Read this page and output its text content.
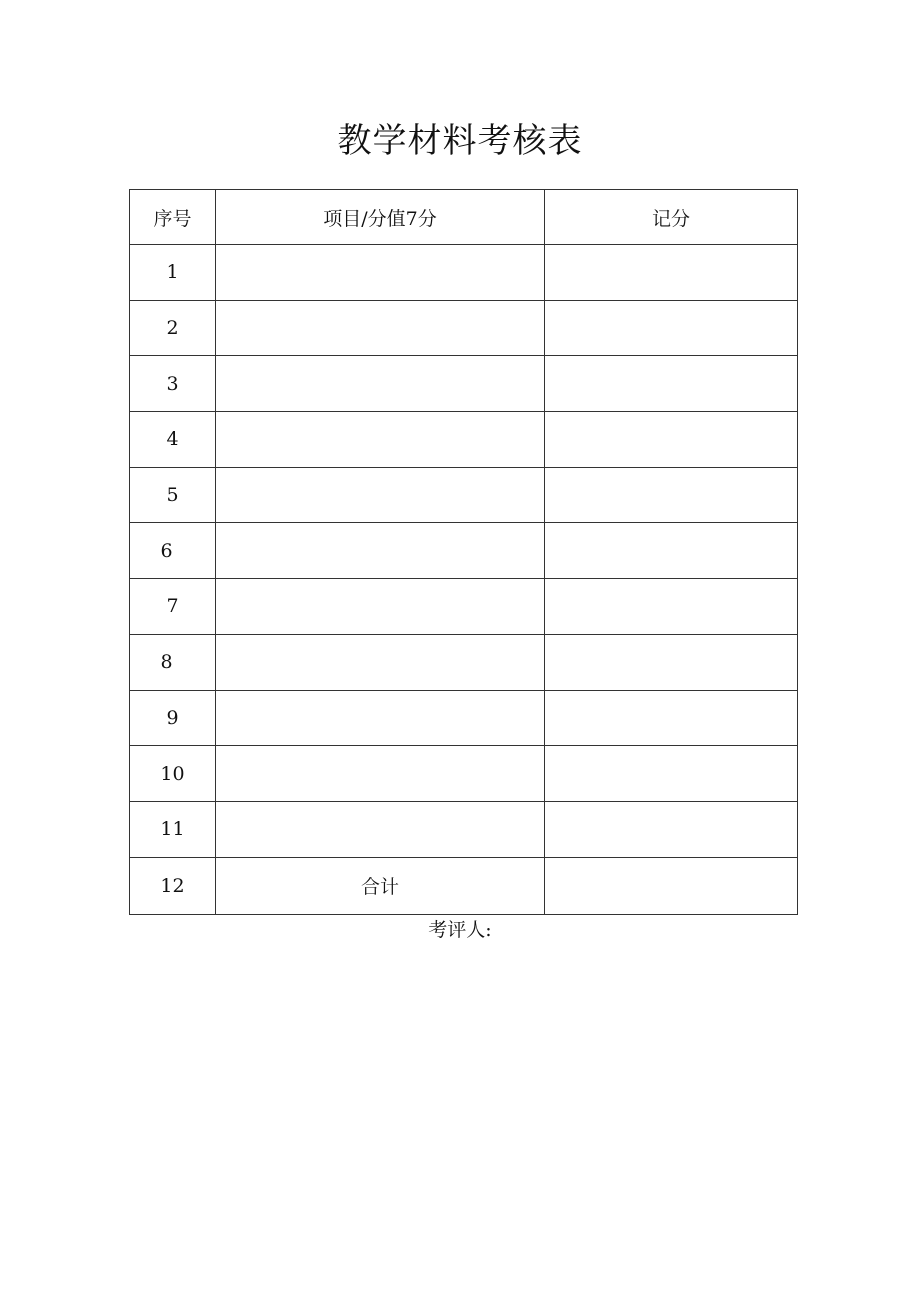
教学材料考核表
序号	项目/分值7分	记分
1		
2		
3		
4		
5		
6		
7		
8		
9		
10		
11		
12	合计	
考评人:
